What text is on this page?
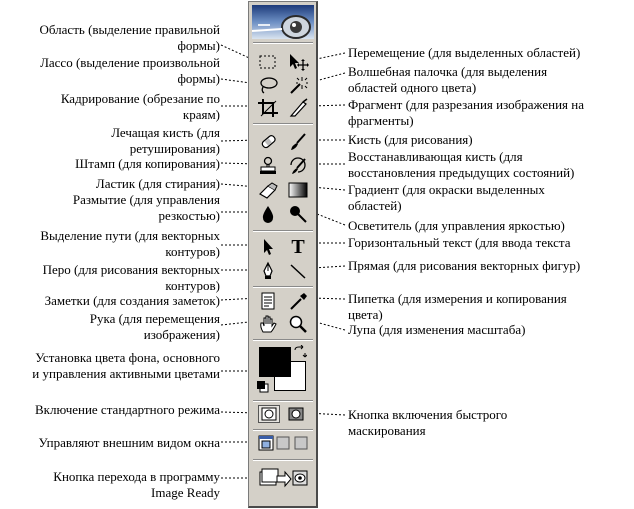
Область (выделение правильной
формы)
Лассо (выделение произвольной
формы)
Кадрирование (обрезание по
краям)
Лечащая кисть (для
ретуширования)
Штамп (для копирования)
Ластик (для стирания)
Размытие (для управления
резкостью)
Выделение пути (для векторных
контуров)
Перо (для рисования векторных
контуров)
Заметки (для создания заметок)
Рука (для перемещения
изображения)
Установка цвета фона, основного
и управления активными цветами
Включение стандартного режима
Управляют внешним видом окна
Кнопка перехода в программу
Image Ready
Перемещение (для выделенных областей)
Волшебная палочка (для выделения
областей одного цвета)
Фрагмент (для разрезания изображения на
фрагменты)
Кисть (для рисования)
Восстанавливающая кисть (для
восстановления предыдущих состояний)
Градиент (для окраски выделенных
областей)
Осветитель (для управления яркостью)
Горизонтальный текст (для ввода текста
Прямая (для рисования векторных фигур)
Пипетка (для измерения и копирования
цвета)
Лупа (для изменения масштаба)
Кнопка включения быстрого
маскирования
T
